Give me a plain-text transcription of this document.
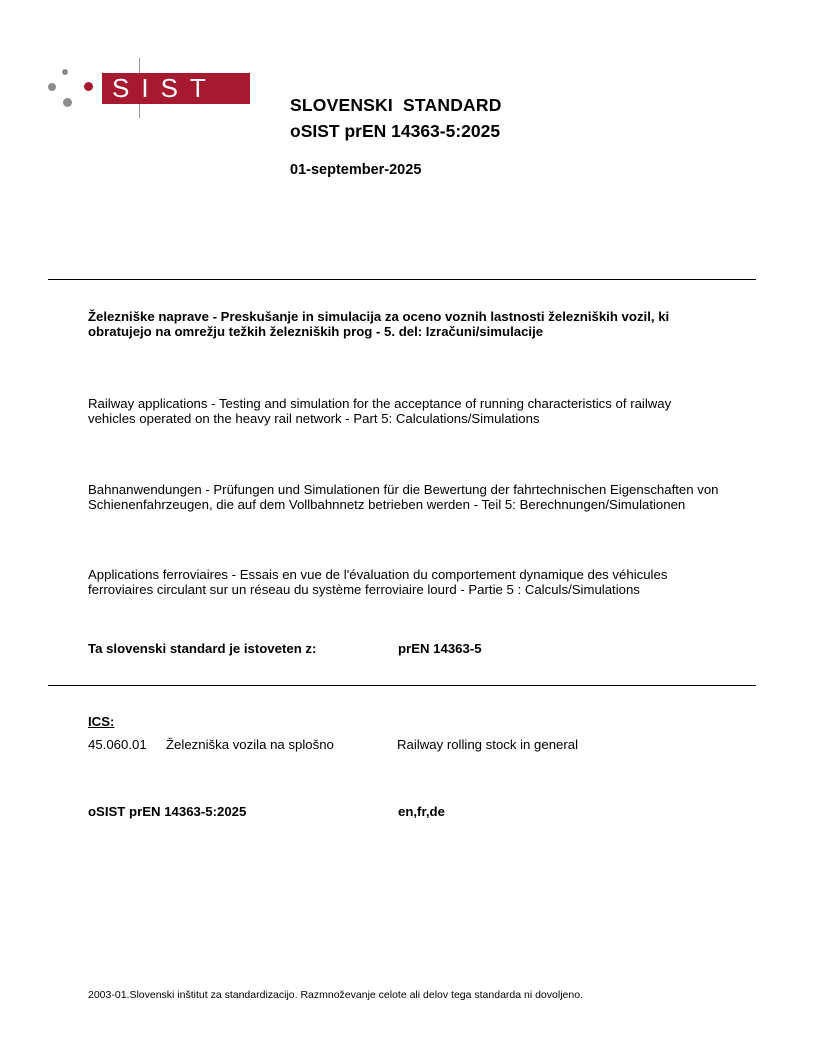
SIST
SLOVENSKI  STANDARD
oSIST prEN 14363-5:2025
01-september-2025
Železniške naprave - Preskušanje in simulacija za oceno voznih lastnosti železniških vozil, ki obratujejo na omrežju težkih železniških prog - 5. del: Izračuni/simulacije
Railway applications - Testing and simulation for the acceptance of running characteristics of railway vehicles operated on the heavy rail network - Part 5: Calculations/Simulations
Bahnanwendungen - Prüfungen und Simulationen für die Bewertung der fahrtechnischen Eigenschaften von Schienenfahrzeugen, die auf dem Vollbahnnetz betrieben werden - Teil 5: Berechnungen/Simulationen
Applications ferroviaires - Essais en vue de l'évaluation du comportement dynamique des véhicules ferroviaires circulant sur un réseau du système ferroviaire lourd - Partie 5 : Calculs/Simulations
Ta slovenski standard je istoveten z:	prEN 14363-5
ICS:
45.060.01 Železniška vozila na splošno	Railway rolling stock in general
oSIST prEN 14363-5:2025	en,fr,de
2003-01.Slovenski inštitut za standardizacijo. Razmnoževanje celote ali delov tega standarda ni dovoljeno.
